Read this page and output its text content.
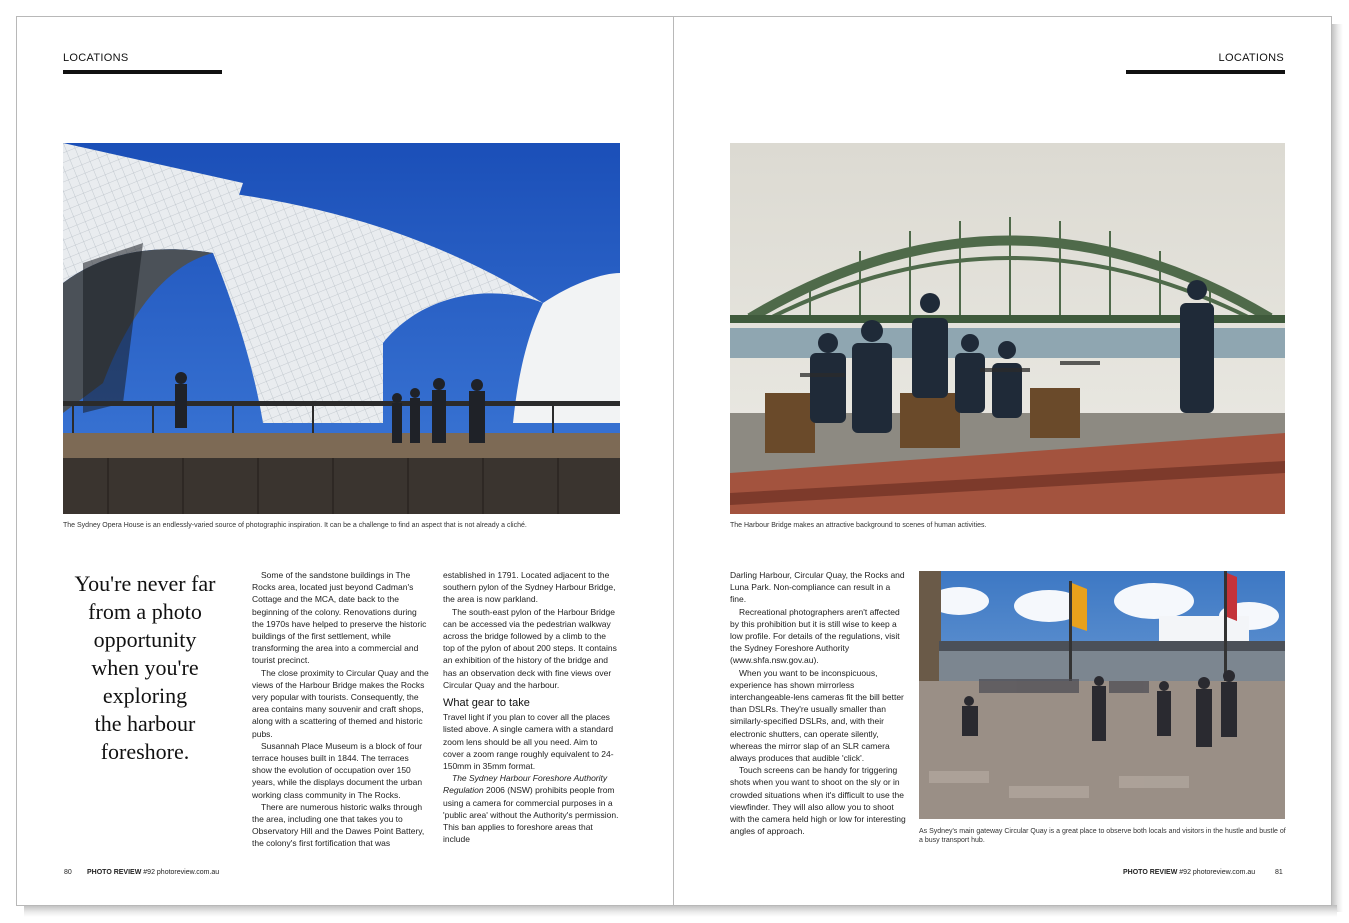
LOCATIONS
The Sydney Opera House is an endlessly-varied source of photographic inspiration. It can be a challenge to find an aspect that is not already a cliché.
You're never far
from a photo
opportunity
when you're
exploring
the harbour
foreshore.

Some of the sandstone buildings in The Rocks area, located just beyond Cadman's Cottage and the MCA, date back to the beginning of the colony. Renovations during the 1970s have helped to preserve the historic buildings of the first settlement, while transforming the area into a commercial and tourist precinct.

The close proximity to Circular Quay and the views of the Harbour Bridge makes the Rocks very popular with tourists. Consequently, the area contains many souvenir and craft shops, along with a scattering of themed and historic pubs.

Susannah Place Museum is a block of four terrace houses built in 1844. The terraces show the evolution of occupation over 150 years, while the displays document the urban working class community in The Rocks.

There are numerous historic walks through the area, including one that takes you to Observatory Hill and the Dawes Point Battery, the colony's first fortification that was

established in 1791. Located adjacent to the southern pylon of the Sydney Harbour Bridge, the area is now parkland.

The south-east pylon of the Harbour Bridge can be accessed via the pedestrian walkway across the bridge followed by a climb to the top of the pylon of about 200 steps. It contains an exhibition of the history of the bridge and has an observation deck with fine views over Circular Quay and the harbour.

What gear to take

Travel light if you plan to cover all the places listed above. A single camera with a standard zoom lens should be all you need. Aim to cover a zoom range roughly equivalent to 24-150mm in 35mm format.

The Sydney Harbour Foreshore Authority Regulation 2006 (NSW) prohibits people from using a camera for commercial purposes in a 'public area' without the Authority's permission. This ban applies to foreshore areas that include

80 PHOTO REVIEW #92 photoreview.com.au
LOCATIONS
The Harbour Bridge makes an attractive background to scenes of human activities.

Darling Harbour, Circular Quay, the Rocks and Luna Park. Non-compliance can result in a fine.

Recreational photographers aren't affected by this prohibition but it is still wise to keep a low profile. For details of the regulations, visit the Sydney Foreshore Authority (www.shfa.nsw.gov.au).

When you want to be inconspicuous, experience has shown mirrorless interchangeable-lens cameras fit the bill better than DSLRs. They're usually smaller than similarly-specified DSLRs, and, with their electronic shutters, can operate silently, whereas the mirror slap of an SLR camera always produces that audible 'click'.

Touch screens can be handy for triggering shots when you want to shoot on the sly or in crowded situations when it's difficult to use the viewfinder. They will also allow you to shoot with the camera held high or low for interesting angles of approach.	As Sydney's main gateway Circular Quay is a great place to observe both locals and visitors in the hustle and bustle of a busy transport hub.
PHOTO REVIEW #92 photoreview.com.au	81
